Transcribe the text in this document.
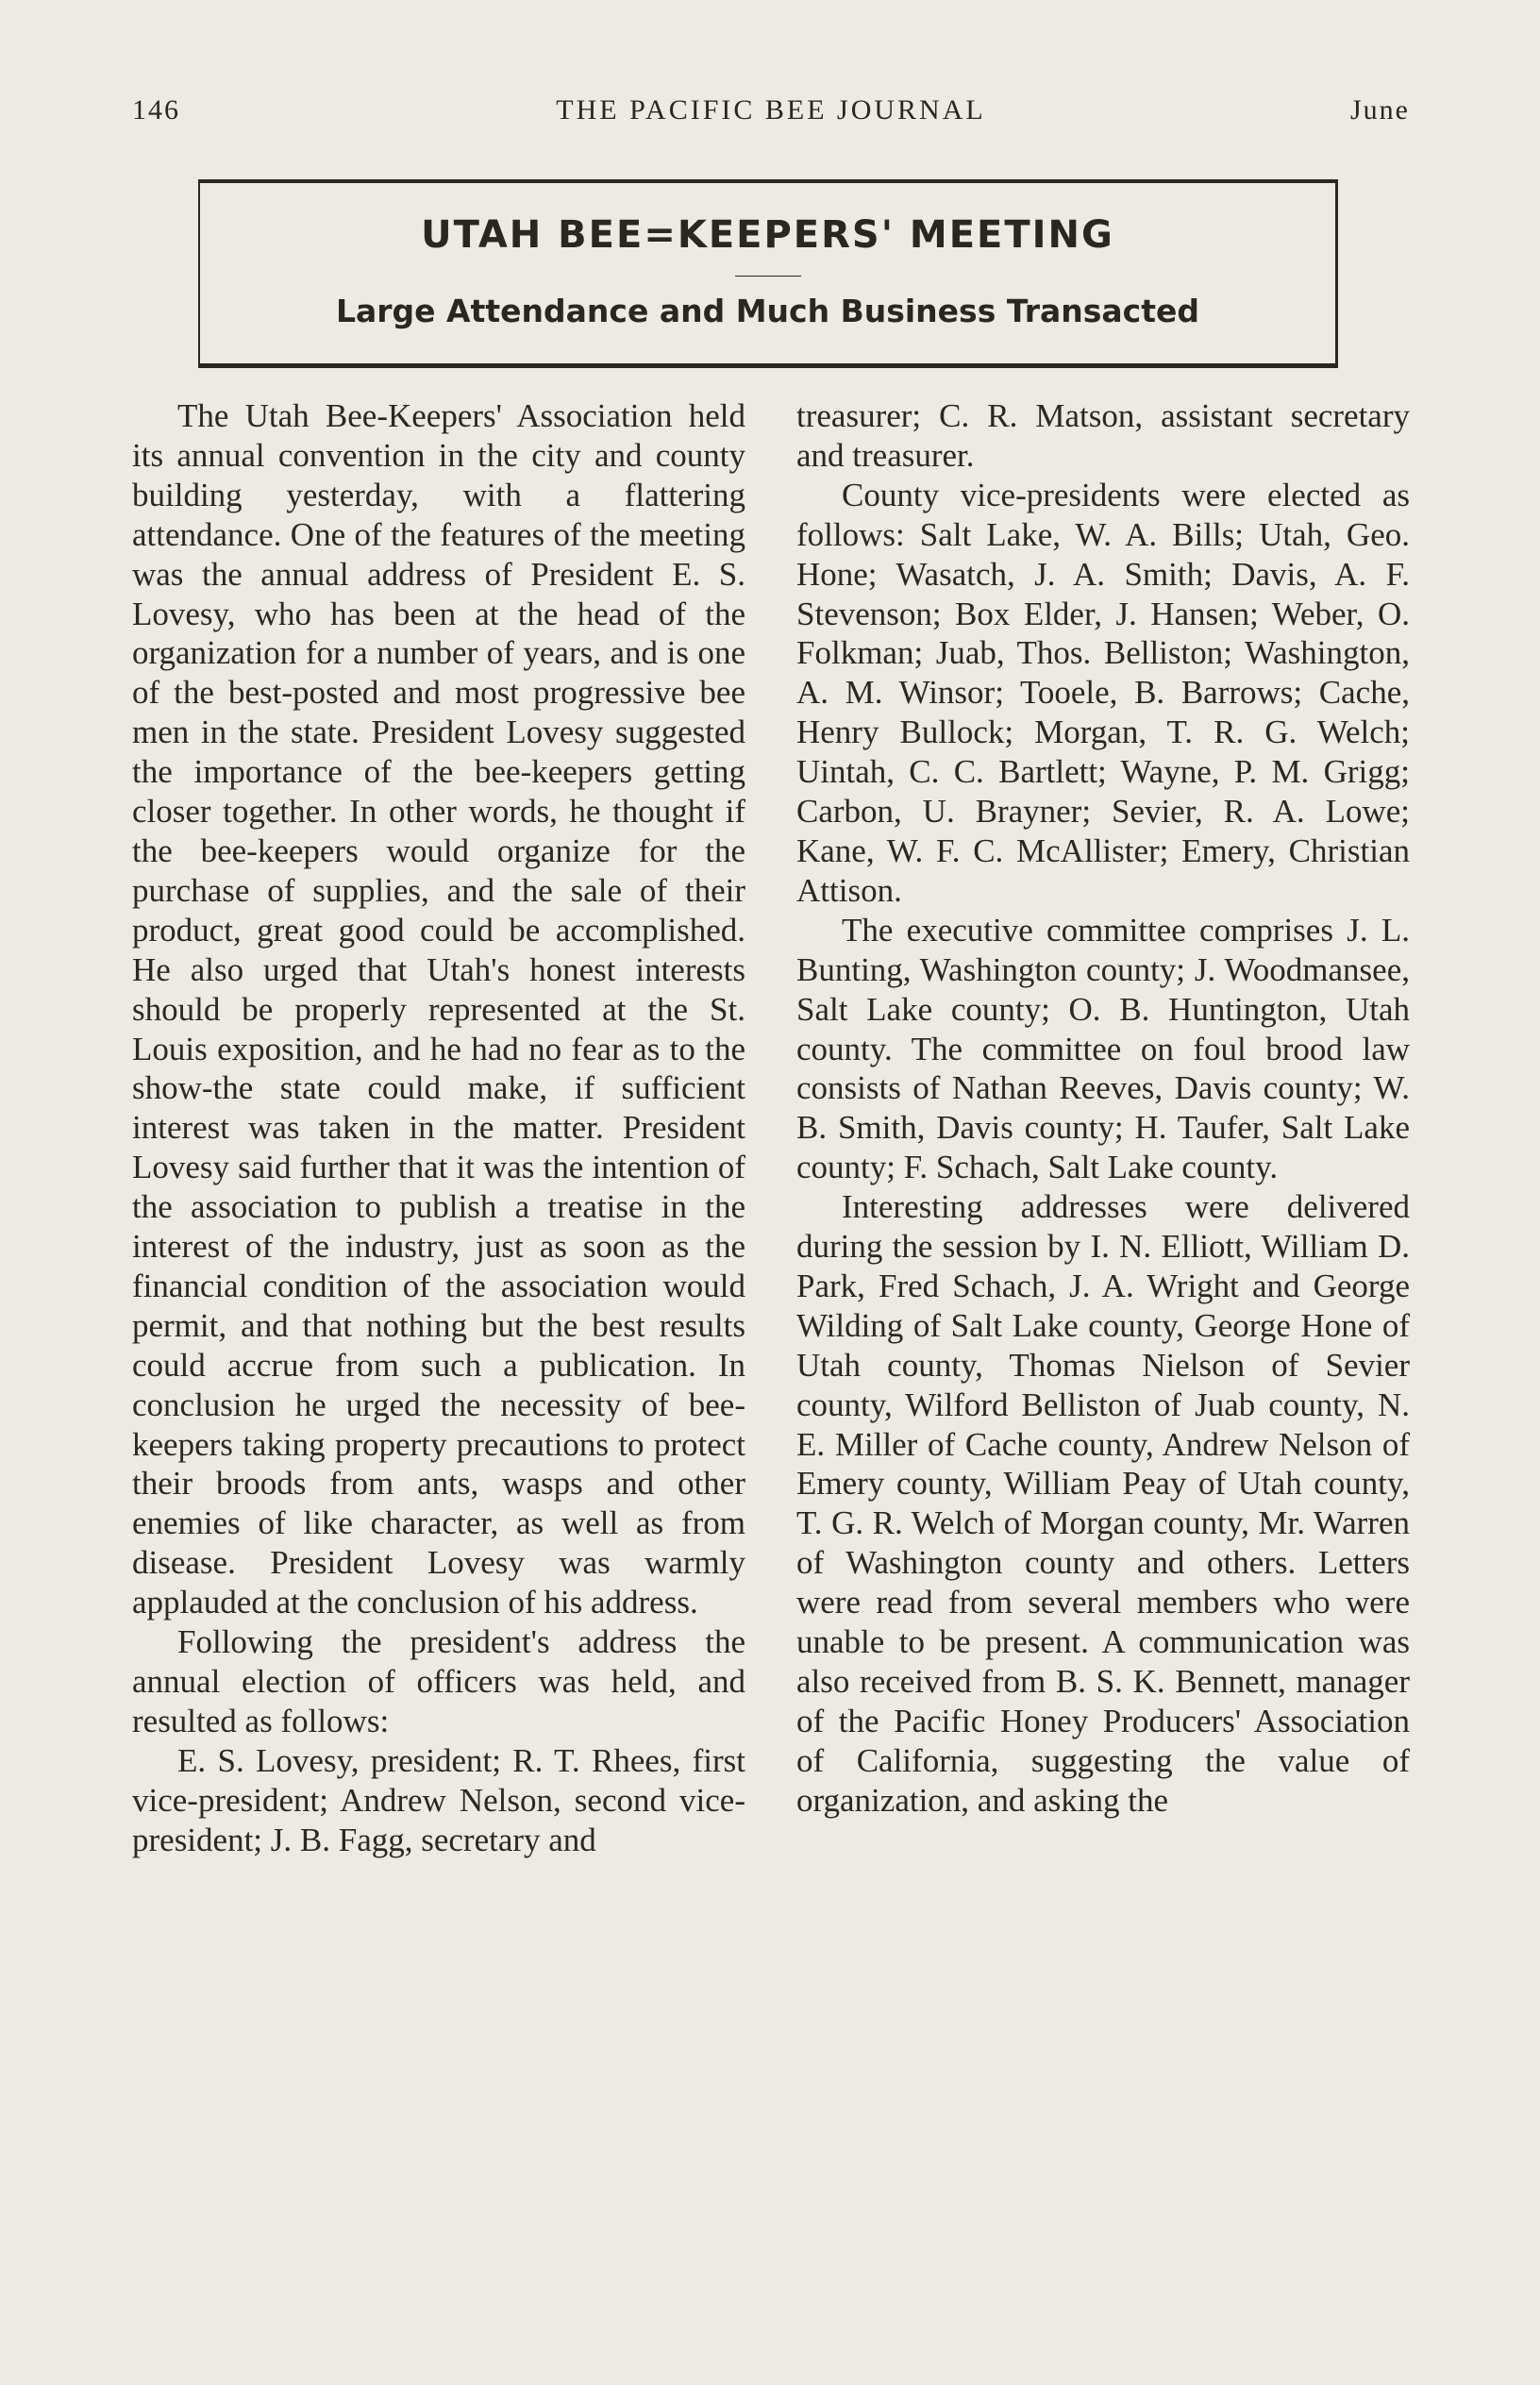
146	THE PACIFIC BEE JOURNAL	June
UTAH BEE=KEEPERS' MEETING
Large Attendance and Much Business Transacted

The Utah Bee-Keepers' Association held its annual convention in the city and county building yesterday, with a flattering attendance. One of the features of the meeting was the annual address of President E. S. Lovesy, who has been at the head of the organization for a number of years, and is one of the best-posted and most progressive bee men in the state. President Lovesy suggested the importance of the bee-keepers getting closer together. In other words, he thought if the bee-keepers would organize for the purchase of supplies, and the sale of their product, great good could be accomplished. He also urged that Utah's honest interests should be properly represented at the St. Louis exposition, and he had no fear as to the show-the state could make, if sufficient interest was taken in the matter. President Lovesy said further that it was the intention of the association to publish a treatise in the interest of the industry, just as soon as the financial condition of the association would permit, and that nothing but the best results could accrue from such a publication. In conclusion he urged the necessity of bee-keepers taking property precautions to protect their broods from ants, wasps and other enemies of like character, as well as from disease. President Lovesy was warmly applauded at the conclusion of his address.

Following the president's address the annual election of officers was held, and resulted as follows:

E. S. Lovesy, president; R. T. Rhees, first vice-president; Andrew Nelson, second vice-president; J. B. Fagg, secretary and

treasurer; C. R. Matson, assistant secretary and treasurer.

County vice-presidents were elected as follows: Salt Lake, W. A. Bills; Utah, Geo. Hone; Wasatch, J. A. Smith; Davis, A. F. Stevenson; Box Elder, J. Hansen; Weber, O. Folkman; Juab, Thos. Belliston; Washington, A. M. Winsor; Tooele, B. Barrows; Cache, Henry Bullock; Morgan, T. R. G. Welch; Uintah, C. C. Bartlett; Wayne, P. M. Grigg; Carbon, U. Brayner; Sevier, R. A. Lowe; Kane, W. F. C. McAllister; Emery, Christian Attison.

The executive committee comprises J. L. Bunting, Washington county; J. Woodmansee, Salt Lake county; O. B. Huntington, Utah county. The committee on foul brood law consists of Nathan Reeves, Davis county; W. B. Smith, Davis county; H. Taufer, Salt Lake county; F. Schach, Salt Lake county.

Interesting addresses were delivered during the session by I. N. Elliott, William D. Park, Fred Schach, J. A. Wright and George Wilding of Salt Lake county, George Hone of Utah county, Thomas Nielson of Sevier county, Wilford Belliston of Juab county, N. E. Miller of Cache county, Andrew Nelson of Emery county, William Peay of Utah county, T. G. R. Welch of Morgan county, Mr. Warren of Washington county and others. Letters were read from several members who were unable to be present. A communication was also received from B. S. K. Bennett, manager of the Pacific Honey Producers' Association of California, suggesting the value of organization, and asking the
